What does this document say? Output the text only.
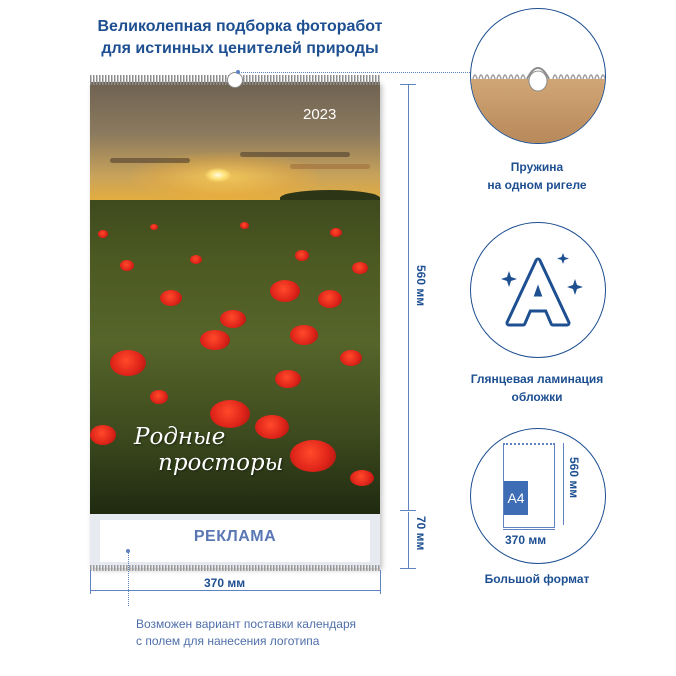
Великолепная подборка фоторабот
для истинных ценителей природы
2023
Родные
просторы
РЕКЛАМА
560 мм
70 мм
370 мм
Пружина
на одном ригеле
Глянцевая ламинация
обложки
A4	560 мм
370 мм
Большой формат
Возможен вариант поставки календаря
с полем для нанесения логотипа
